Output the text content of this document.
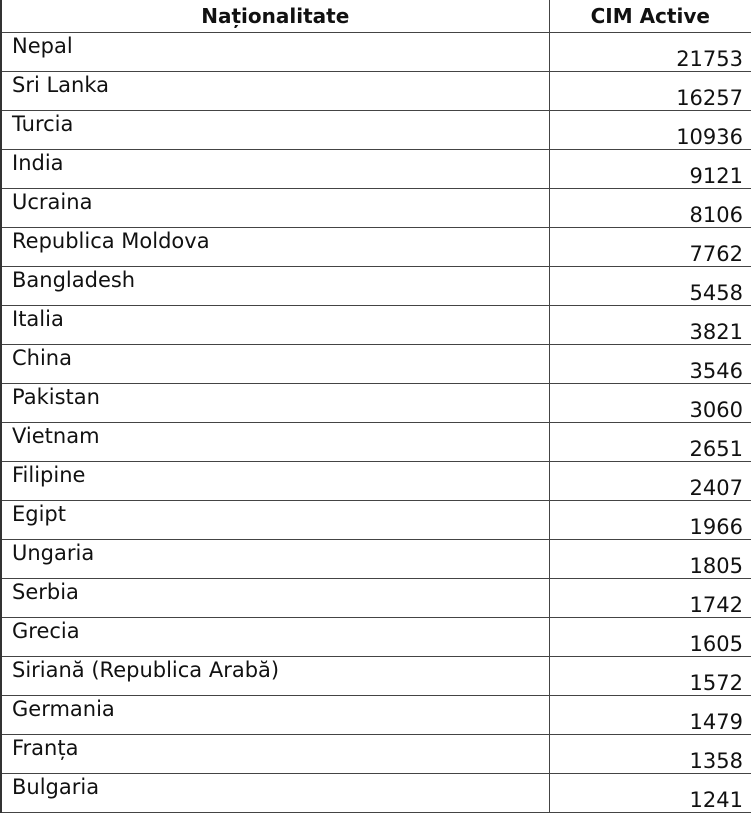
Naționalitate	CIM Active
Nepal	21753
Sri Lanka	16257
Turcia	10936
India	9121
Ucraina	8106
Republica Moldova	7762
Bangladesh	5458
Italia	3821
China	3546
Pakistan	3060
Vietnam	2651
Filipine	2407
Egipt	1966
Ungaria	1805
Serbia	1742
Grecia	1605
Siriană (Republica Arabă)	1572
Germania	1479
Franța	1358
Bulgaria	1241
